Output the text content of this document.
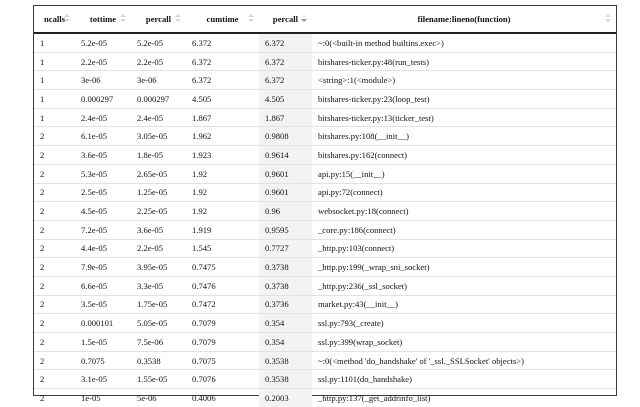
ncalls	tottime	percall	cumtime	percall	filename:lineno(function)

1	5.2e-05	5.2e-05	6.372	6.372	~:0(<built-in method builtins.exec>)
1	2.2e-05	2.2e-05	6.372	6.372	bitshares-ticker.py:48(run_tests)
1	3e-06	3e-06	6.372	6.372	<string>:1(<module>)
1	0.000297	0.000297	4.505	4.505	bitshares-ticker.py:23(loop_test)
1	2.4e-05	2.4e-05	1.867	1.867	bitshares-ticker.py:13(ticker_test)
2	6.1e-05	3.05e-05	1.962	0.9808	bitshares.py:108(__init__)
2	3.6e-05	1.8e-05	1.923	0.9614	bitshares.py:162(connect)
2	5.3e-05	2.65e-05	1.92	0.9601	api.py:15(__init__)
2	2.5e-05	1.25e-05	1.92	0.9601	api.py:72(connect)
2	4.5e-05	2.25e-05	1.92	0.96	websocket.py:18(connect)
2	7.2e-05	3.6e-05	1.919	0.9595	_core.py:186(connect)
2	4.4e-05	2.2e-05	1.545	0.7727	_http.py:103(connect)
2	7.9e-05	3.95e-05	0.7475	0.3738	_http.py:199(_wrap_sni_socket)
2	6.6e-05	3.3e-05	0.7476	0.3738	_http.py:236(_ssl_socket)
2	3.5e-05	1.75e-05	0.7472	0.3736	market.py:43(__init__)
2	0.000101	5.05e-05	0.7079	0.354	ssl.py:793(_create)
2	1.5e-05	7.5e-06	0.7079	0.354	ssl.py:399(wrap_socket)
2	0.7075	0.3538	0.7075	0.3538	~:0(<method 'do_handshake' of '_ssl._SSLSocket' objects>)
2	3.1e-05	1.55e-05	0.7076	0.3538	ssl.py:1101(do_handshake)
2	1e-05	5e-06	0.4006	0.2003	_http.py:137(_get_addrinfo_list)
